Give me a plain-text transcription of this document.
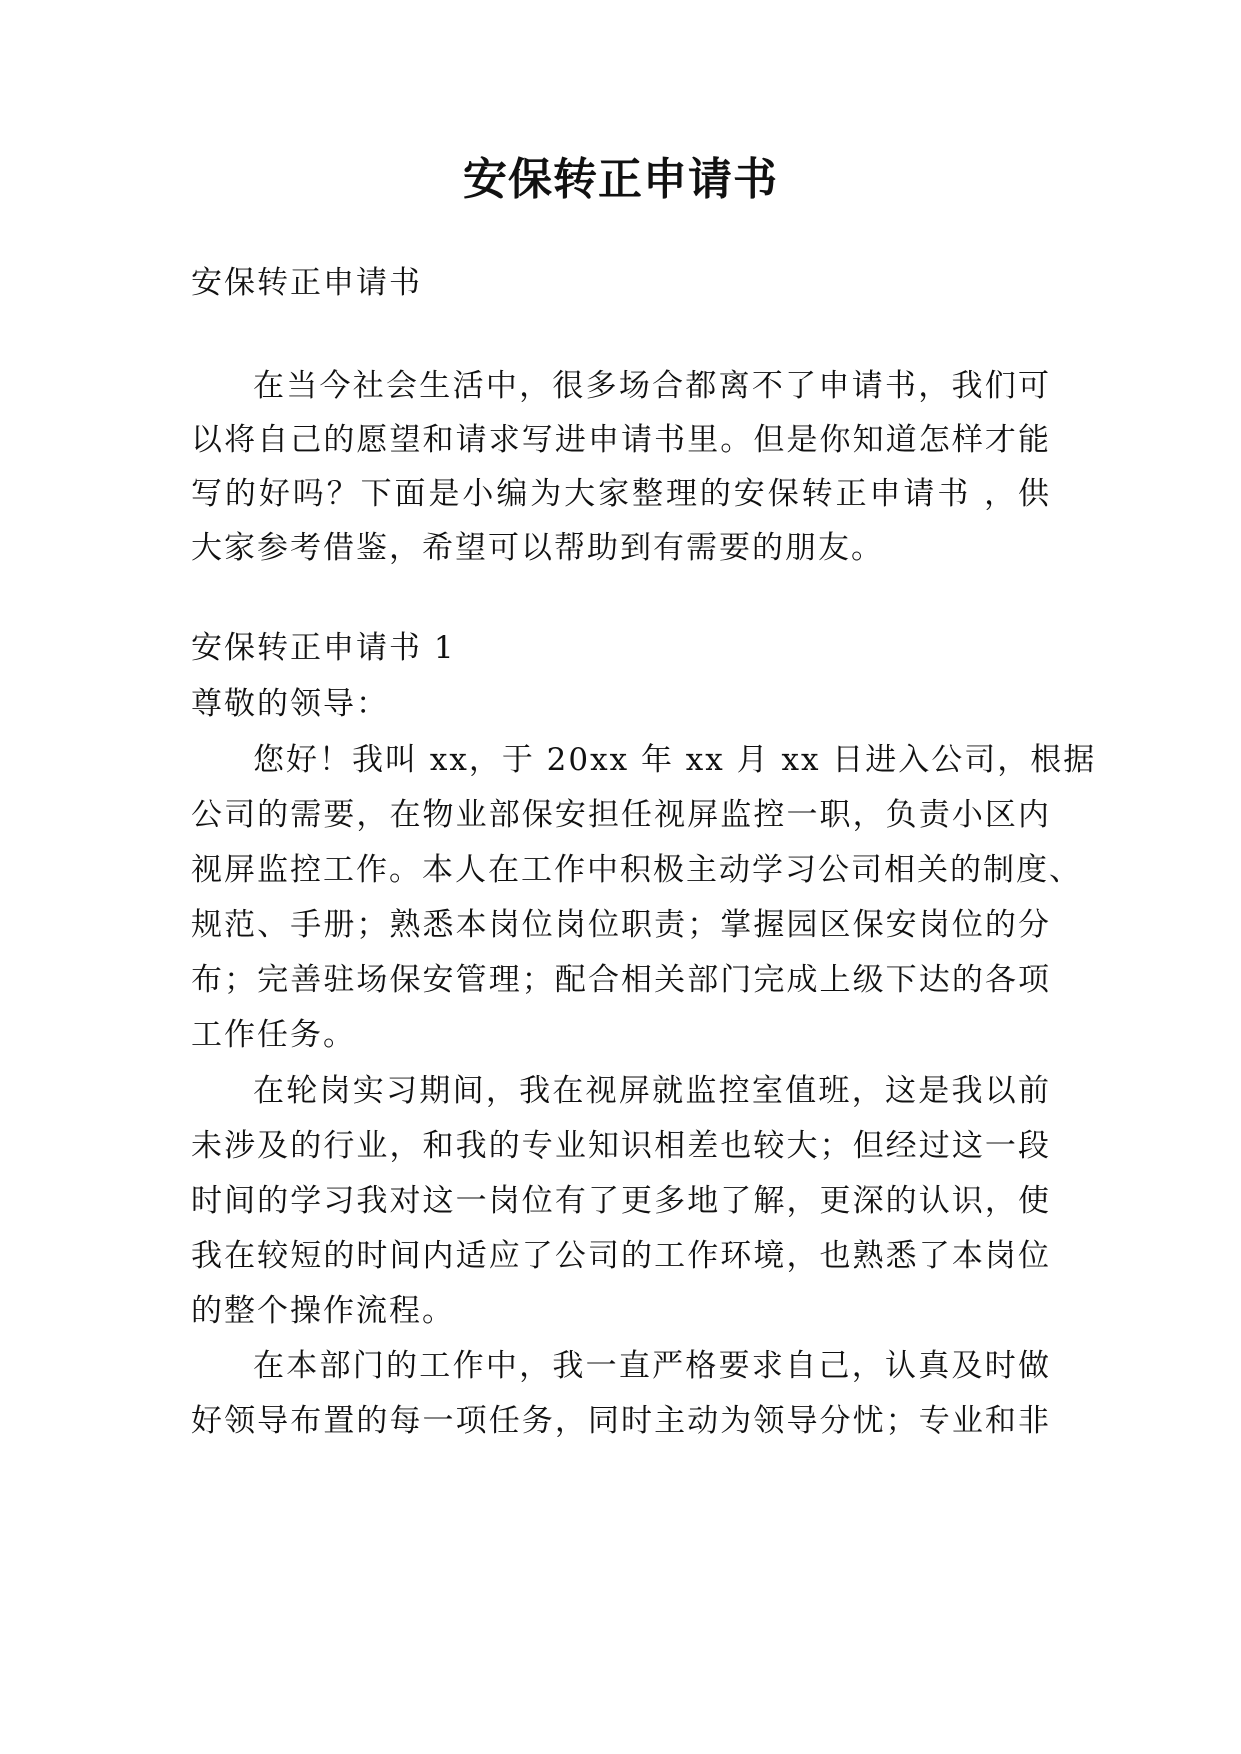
安保转正申请书
安保转正申请书
在当今社会生活中，很多场合都离不了申请书，我们可
以将自己的愿望和请求写进申请书里。但是你知道怎样才能
写的好吗？下面是小编为大家整理的安保转正申请书 ，供
大家参考借鉴，希望可以帮助到有需要的朋友。
安保转正申请书 1
尊敬的领导：
您好！我叫 xx，于 20xx 年 xx 月 xx 日进入公司，根据
公司的需要，在物业部保安担任视屏监控一职，负责小区内
视屏监控工作。本人在工作中积极主动学习公司相关的制度、
规范、手册；熟悉本岗位岗位职责；掌握园区保安岗位的分
布；完善驻场保安管理；配合相关部门完成上级下达的各项
工作任务。
在轮岗实习期间，我在视屏就监控室值班，这是我以前
未涉及的行业，和我的专业知识相差也较大；但经过这一段
时间的学习我对这一岗位有了更多地了解，更深的认识，使
我在较短的时间内适应了公司的工作环境，也熟悉了本岗位
的整个操作流程。
在本部门的工作中，我一直严格要求自己，认真及时做
好领导布置的每一项任务，同时主动为领导分忧；专业和非
